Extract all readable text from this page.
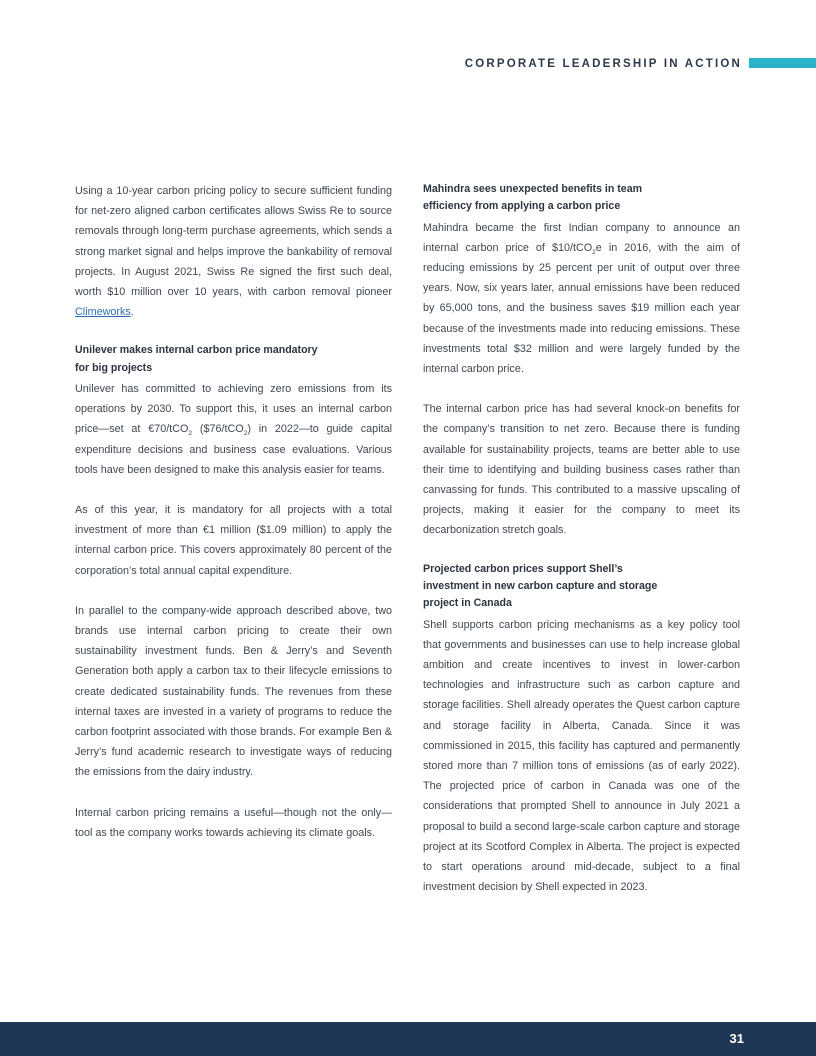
CORPORATE LEADERSHIP IN ACTION

Using a 10-year carbon pricing policy to secure sufficient funding for net-zero aligned carbon certificates allows Swiss Re to source removals through long-term purchase agreements, which sends a strong market signal and helps improve the bankability of removal projects. In August 2021, Swiss Re signed the first such deal, worth $10 million over 10 years, with carbon removal pioneer Climeworks.

Unilever makes internal carbon price mandatory
for big projects

Unilever has committed to achieving zero emissions from its operations by 2030. To support this, it uses an internal carbon price—set at €70/tCO$_2$ ($76/tCO$_2$) in 2022—to guide capital expenditure decisions and business case evaluations. Various tools have been designed to make this analysis easier for teams.

As of this year, it is mandatory for all projects with a total investment of more than €1 million ($1.09 million) to apply the internal carbon price. This covers approximately 80 percent of the corporation’s total annual capital expenditure.

In parallel to the company-wide approach described above, two brands use internal carbon pricing to create their own sustainability investment funds. Ben & Jerry’s and Seventh Generation both apply a carbon tax to their lifecycle emissions to create dedicated sustainability funds. The revenues from these internal taxes are invested in a variety of programs to reduce the carbon footprint associated with those brands. For example Ben & Jerry’s fund academic research to investigate ways of reducing the emissions from the dairy industry.

Internal carbon pricing remains a useful—though not the only—tool as the company works towards achieving its climate goals.

Mahindra sees unexpected benefits in team
efficiency from applying a carbon price

Mahindra became the first Indian company to announce an internal carbon price of $10/tCO$_2$e in 2016, with the aim of reducing emissions by 25 percent per unit of output over three years. Now, six years later, annual emissions have been reduced by 65,000 tons, and the business saves $19 million each year because of the investments made into reducing emissions. These investments total $32 million and were largely funded by the internal carbon price.

The internal carbon price has had several knock-on benefits for the company’s transition to net zero. Because there is funding available for sustainability projects, teams are better able to use their time to identifying and building business cases rather than canvassing for funds. This contributed to a massive upscaling of projects, making it easier for the company to meet its decarbonization stretch goals.

Projected carbon prices support Shell’s
investment in new carbon capture and storage
project in Canada

Shell supports carbon pricing mechanisms as a key policy tool that governments and businesses can use to help increase global ambition and create incentives to invest in lower-carbon technologies and infrastructure such as carbon capture and storage facilities. Shell already operates the Quest carbon capture and storage facility in Alberta, Canada. Since it was commissioned in 2015, this facility has captured and permanently stored more than 7 million tons of emissions (as of early 2022). The projected price of carbon in Canada was one of the considerations that prompted Shell to announce in July 2021 a proposal to build a second large-scale carbon capture and storage project at its Scotford Complex in Alberta. The project is expected to start operations around mid-decade, subject to a final investment decision by Shell expected in 2023.

31
